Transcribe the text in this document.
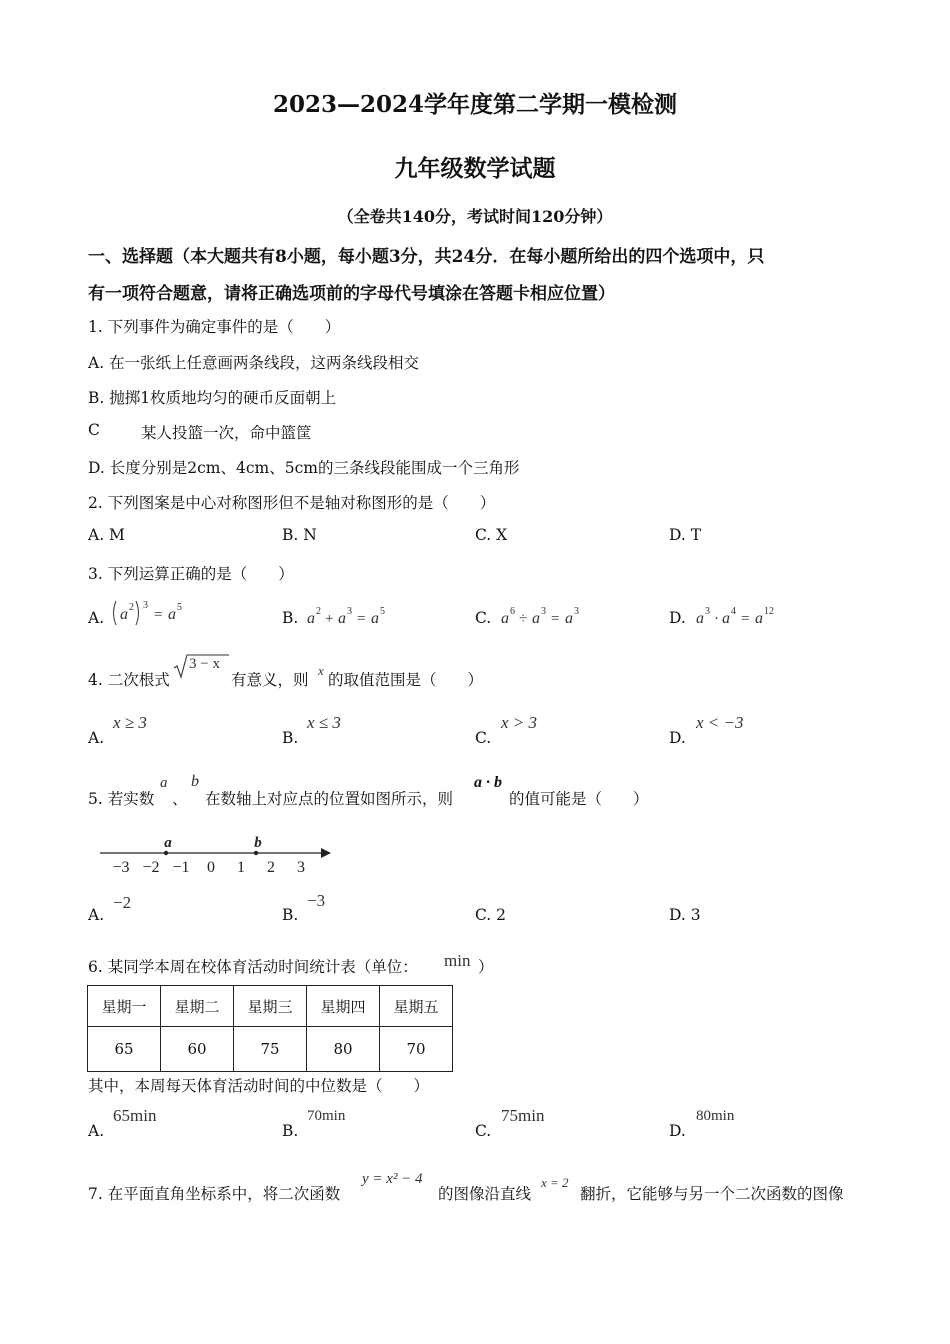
2023—2024学年度第二学期一模检测
九年级数学试题
（全卷共140分，考试时间120分钟）
一、选择题（本大题共有8小题，每小题3分，共24分．在每小题所给出的四个选项中，只
有一项符合题意，请将正确选项前的字母代号填涂在答题卡相应位置）
1. 下列事件为确定事件的是（　　）
A. 在一张纸上任意画两条线段，这两条线段相交
B. 抛掷1枚质地均匀的硬币反面朝上
C	某人投篮一次，命中篮筐
D. 长度分别是2cm、4cm、5cm的三条线段能围成一个三角形
2. 下列图案是中心对称图形但不是轴对称图形的是（　　）
A. M	B. N	C. X	D. T
3. 下列运算正确的是（　　）
A. a 2 3
= a 5
B. a 2 + a 3 = a 5	C. a 6 ÷ a 3 = a 3	D. a 3 · a 4 = a 12
4. 二次根式
3 − x
有意义，则
x
的取值范围是（　　）
A.
x ≥ 3
B.
x ≤ 3
C.
x > 3
D.
x < −3
5. 若实数
a
、
b
在数轴上对应点的位置如图所示，则
a · b
的值可能是（　　）
−3 −2 −1 0 1 2 3
a	b
A.
−2
B.
−3
C. 2	D. 3
6. 某同学本周在校体育活动时间统计表（单位： min ）
星期一	星期二	星期三	星期四	星期五
65	60	75	80	70
其中，本周每天体育活动时间的中位数是（　　）
A.
65min
B.
70min
C.
75min
D.
80min
7. 在平面直角坐标系中，将二次函数
y = x² − 4
的图像沿直线
x = 2
翻折，它能够与另一个二次函数的图像
